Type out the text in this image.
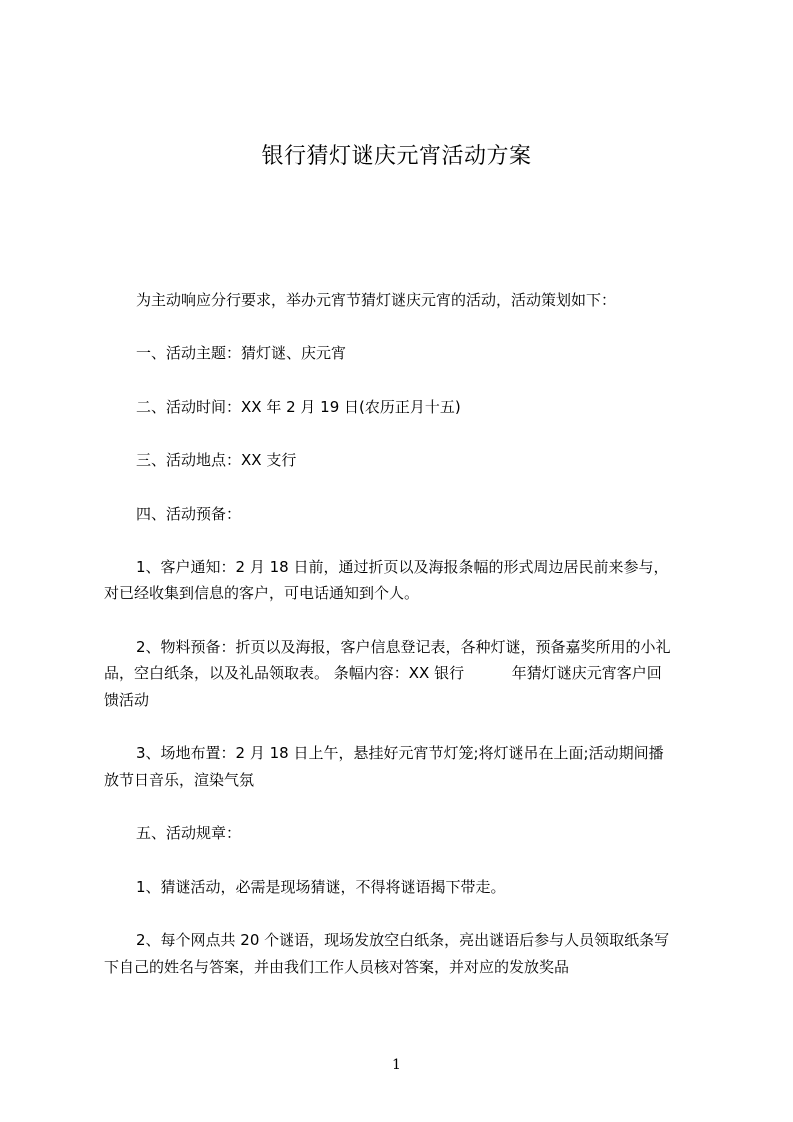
银行猜灯谜庆元宵活动方案
为主动响应分行要求，举办元宵节猜灯谜庆元宵的活动，活动策划如下：
一、活动主题：猜灯谜、庆元宵
二、活动时间：XX 年 2 月 19 日(农历正月十五)
三、活动地点：XX 支行
四、活动预备：
1、客户通知：2 月 18 日前，通过折页以及海报条幅的形式周边居民前来参与，
对已经收集到信息的客户，可电话通知到个人。
2、物料预备：折页以及海报，客户信息登记表，各种灯谜，预备嘉奖所用的小礼
品，空白纸条，以及礼品领取表。 条幅内容：XX 银行          年猜灯谜庆元宵客户回
馈活动
3、场地布置：2 月 18 日上午，悬挂好元宵节灯笼;将灯谜吊在上面;活动期间播
放节日音乐，渲染气氛
五、活动规章：
1、猜谜活动，必需是现场猜谜，不得将谜语揭下带走。
2、每个网点共 20 个谜语，现场发放空白纸条，亮出谜语后参与人员领取纸条写
下自己的姓名与答案，并由我们工作人员核对答案，并对应的发放奖品
1
